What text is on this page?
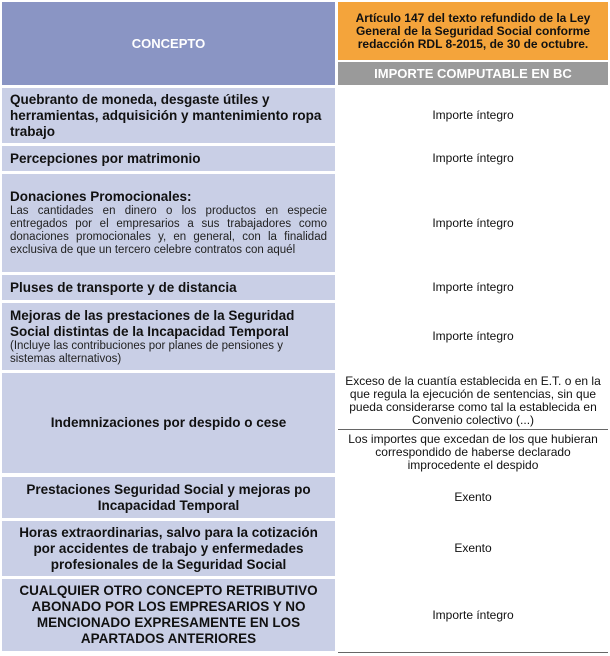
CONCEPTO
Artículo 147 del texto refundido de la Ley General de la Seguridad Social conforme redacción RDL 8-2015, de 30 de octubre.
IMPORTE COMPUTABLE EN BC
Quebranto de moneda, desgaste útiles y herramientas, adquisición y mantenimiento ropa trabajo
Importe íntegro
Percepciones por matrimonio	Importe íntegro
Donaciones Promocionales:
Las cantidades en dinero o los productos en especie entregados por el empresarios a sus trabajadores como donaciones promocionales y, en general, con la finalidad exclusiva de que un tercero celebre contratos con aquél
Importe íntegro
Pluses de transporte y de distancia	Importe íntegro
Mejoras de las prestaciones de la Seguridad Social distintas de la Incapacidad Temporal
(Incluye las contribuciones por planes de pensiones y sistemas alternativos)
Importe íntegro
Indemnizaciones por despido o cese
Exceso de la cuantía establecida en E.T. o en la que regula la ejecución de sentencias, sin que pueda considerarse como tal la establecida en Convenio colectivo (...)
Los importes que excedan de los que hubieran correspondido de haberse declarado improcedente el despido
Prestaciones Seguridad Social y mejoras po Incapacidad Temporal
Exento
Horas extraordinarias, salvo para la cotización por accidentes de trabajo y enfermedades profesionales de la Seguridad Social
Exento
CUALQUIER OTRO CONCEPTO RETRIBUTIVO ABONADO POR LOS EMPRESARIOS Y NO MENCIONADO EXPRESAMENTE EN LOS APARTADOS ANTERIORES
Importe íntegro
